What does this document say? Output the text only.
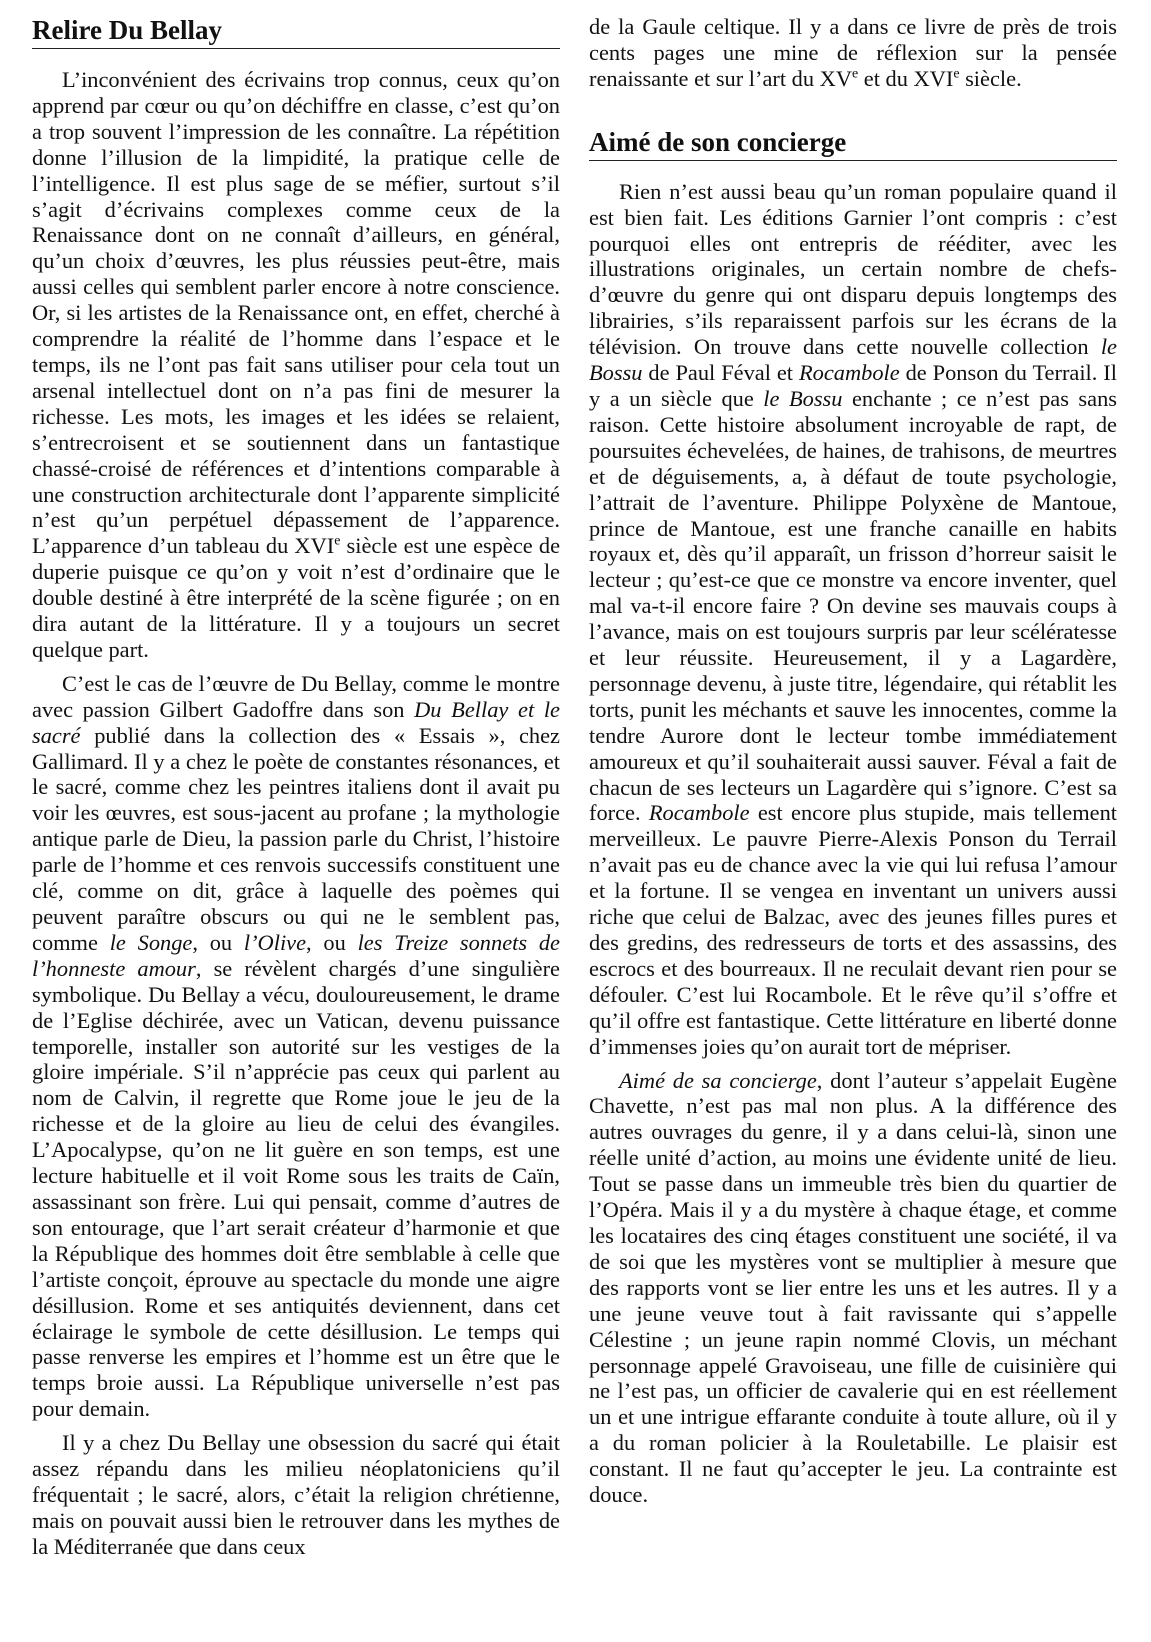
Relire Du Bellay

L’inconvénient des écrivains trop connus, ceux qu’on apprend par cœur ou qu’on déchiffre en classe, c’est qu’on a trop souvent l’impression de les connaître. La répétition donne l’illusion de la limpidité, la pratique celle de l’intelligence. Il est plus sage de se méfier, surtout s’il s’agit d’écrivains complexes comme ceux de la Renaissance dont on ne connaît d’ailleurs, en général, qu’un choix d’œuvres, les plus réussies peut-être, mais aussi celles qui semblent parler encore à notre conscience. Or, si les artistes de la Renaissance ont, en effet, cherché à comprendre la réalité de l’homme dans l’espace et le temps, ils ne l’ont pas fait sans utiliser pour cela tout un arsenal intellectuel dont on n’a pas fini de mesurer la richesse. Les mots, les images et les idées se relaient, s’entrecroisent et se soutiennent dans un fantastique chassé-croisé de références et d’intentions comparable à une construction architecturale dont l’apparente simplicité n’est qu’un perpétuel dépassement de l’apparence. L’apparence d’un tableau du XVIe siècle est une espèce de duperie puisque ce qu’on y voit n’est d’ordinaire que le double destiné à être interprété de la scène figurée ; on en dira autant de la littérature. Il y a toujours un secret quelque part.

C’est le cas de l’œuvre de Du Bellay, comme le montre avec passion Gilbert Gadoffre dans son Du Bellay et le sacré publié dans la collection des « Essais », chez Gallimard. Il y a chez le poète de constantes résonances, et le sacré, comme chez les peintres italiens dont il avait pu voir les œuvres, est sous-jacent au profane ; la mythologie antique parle de Dieu, la passion parle du Christ, l’histoire parle de l’homme et ces renvois successifs constituent une clé, comme on dit, grâce à laquelle des poèmes qui peuvent paraître obscurs ou qui ne le semblent pas, comme le Songe, ou l’Olive, ou les Treize sonnets de l’honneste amour, se révèlent chargés d’une singulière symbolique. Du Bellay a vécu, douloureusement, le drame de l’Eglise déchirée, avec un Vatican, devenu puissance temporelle, installer son autorité sur les vestiges de la gloire impériale. S’il n’apprécie pas ceux qui parlent au nom de Calvin, il regrette que Rome joue le jeu de la richesse et de la gloire au lieu de celui des évangiles. L’Apocalypse, qu’on ne lit guère en son temps, est une lecture habituelle et il voit Rome sous les traits de Caïn, assassinant son frère. Lui qui pensait, comme d’autres de son entourage, que l’art serait créateur d’harmonie et que la République des hommes doit être semblable à celle que l’artiste conçoit, éprouve au spectacle du monde une aigre désillusion. Rome et ses antiquités deviennent, dans cet éclairage le symbole de cette désillusion. Le temps qui passe renverse les empires et l’homme est un être que le temps broie aussi. La République universelle n’est pas pour demain.

Il y a chez Du Bellay une obsession du sacré qui était assez répandu dans les milieu néoplatoniciens qu’il fréquentait ; le sacré, alors, c’était la religion chrétienne, mais on pouvait aussi bien le retrouver dans les mythes de la Méditerranée que dans ceux

de la Gaule celtique. Il y a dans ce livre de près de trois cents pages une mine de réflexion sur la pensée renaissante et sur l’art du XVe et du XVIe siècle.

Aimé de son concierge

Rien n’est aussi beau qu’un roman populaire quand il est bien fait. Les éditions Garnier l’ont compris : c’est pourquoi elles ont entrepris de rééditer, avec les illustrations originales, un certain nombre de chefs-d’œuvre du genre qui ont disparu depuis longtemps des librairies, s’ils reparaissent parfois sur les écrans de la télévision. On trouve dans cette nouvelle collection le Bossu de Paul Féval et Rocambole de Ponson du Terrail. Il y a un siècle que le Bossu enchante ; ce n’est pas sans raison. Cette histoire absolument incroyable de rapt, de poursuites échevelées, de haines, de trahisons, de meurtres et de déguisements, a, à défaut de toute psychologie, l’attrait de l’aventure. Philippe Polyxène de Mantoue, prince de Mantoue, est une franche canaille en habits royaux et, dès qu’il apparaît, un frisson d’horreur saisit le lecteur ; qu’est-ce que ce monstre va encore inventer, quel mal va-t-il encore faire ? On devine ses mauvais coups à l’avance, mais on est toujours surpris par leur scélératesse et leur réussite. Heureusement, il y a Lagardère, personnage devenu, à juste titre, légendaire, qui rétablit les torts, punit les méchants et sauve les innocentes, comme la tendre Aurore dont le lecteur tombe immédiatement amoureux et qu’il souhaiterait aussi sauver. Féval a fait de chacun de ses lecteurs un Lagardère qui s’ignore. C’est sa force. Rocambole est encore plus stupide, mais tellement merveilleux. Le pauvre Pierre-Alexis Ponson du Terrail n’avait pas eu de chance avec la vie qui lui refusa l’amour et la fortune. Il se vengea en inventant un univers aussi riche que celui de Balzac, avec des jeunes filles pures et des gredins, des redresseurs de torts et des assassins, des escrocs et des bourreaux. Il ne reculait devant rien pour se défouler. C’est lui Rocambole. Et le rêve qu’il s’offre et qu’il offre est fantastique. Cette littérature en liberté donne d’immenses joies qu’on aurait tort de mépriser.

Aimé de sa concierge, dont l’auteur s’appelait Eugène Chavette, n’est pas mal non plus. A la différence des autres ouvrages du genre, il y a dans celui-là, sinon une réelle unité d’action, au moins une évidente unité de lieu. Tout se passe dans un immeuble très bien du quartier de l’Opéra. Mais il y a du mystère à chaque étage, et comme les locataires des cinq étages constituent une société, il va de soi que les mystères vont se multiplier à mesure que des rapports vont se lier entre les uns et les autres. Il y a une jeune veuve tout à fait ravissante qui s’appelle Célestine ; un jeune rapin nommé Clovis, un méchant personnage appelé Gravoiseau, une fille de cuisinière qui ne l’est pas, un officier de cavalerie qui en est réellement un et une intrigue effarante conduite à toute allure, où il y a du roman policier à la Rouletabille. Le plaisir est constant. Il ne faut qu’accepter le jeu. La contrainte est douce.
